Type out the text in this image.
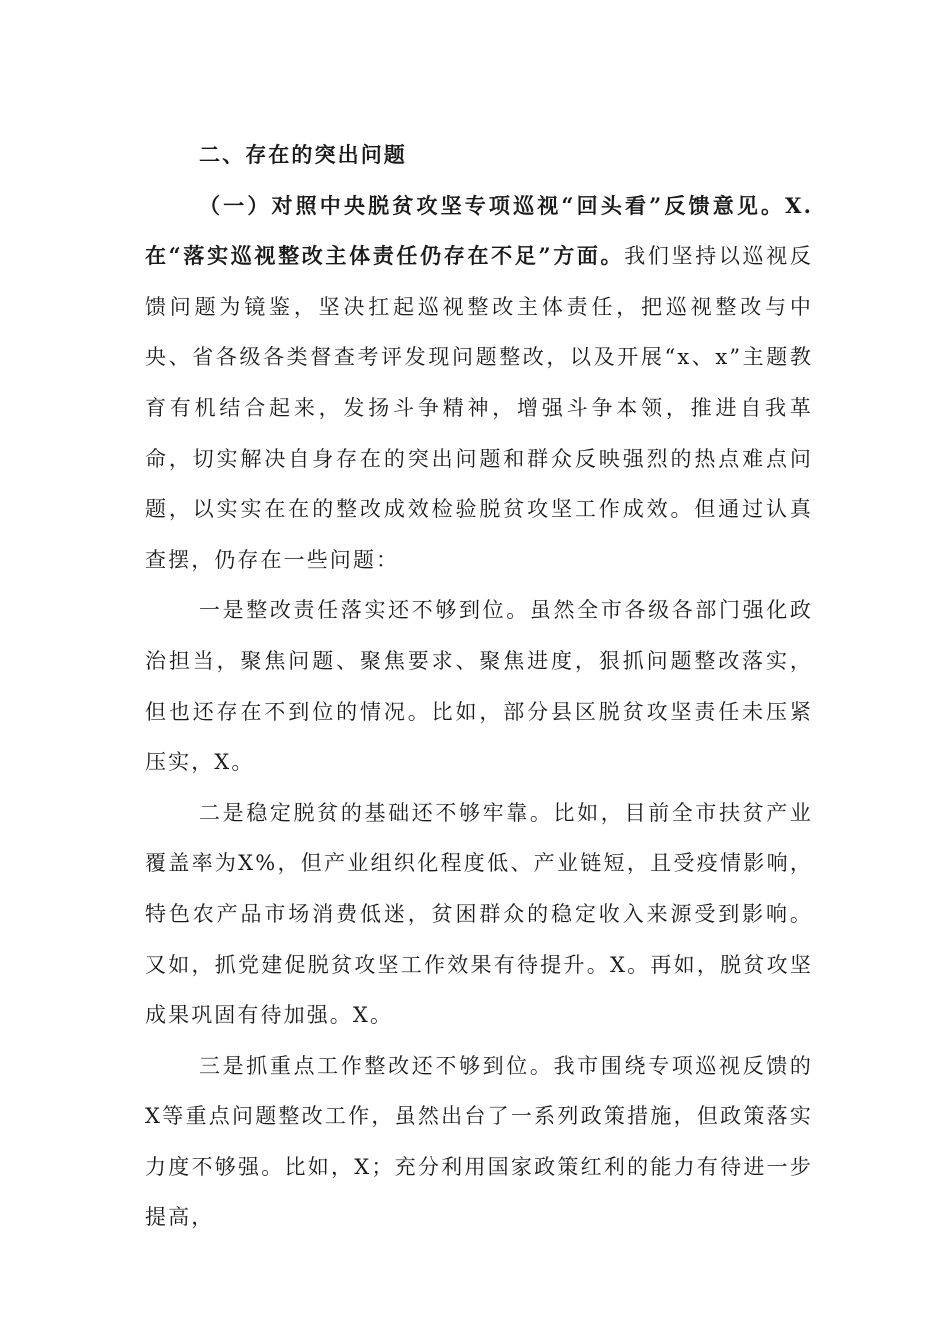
二、存在的突出问题

（一）对照中央脱贫攻坚专项巡视“回头看”反馈意见。X.在“落实巡视整改主体责任仍存在不足”方面。我们坚持以巡视反馈问题为镜鉴，坚决扛起巡视整改主体责任，把巡视整改与中央、省各级各类督查考评发现问题整改，以及开展“x、x”主题教育有机结合起来，发扬斗争精神，增强斗争本领，推进自我革命，切实解决自身存在的突出问题和群众反映强烈的热点难点问题，以实实在在的整改成效检验脱贫攻坚工作成效。但通过认真查摆，仍存在一些问题：

一是整改责任落实还不够到位。虽然全市各级各部门强化政治担当，聚焦问题、聚焦要求、聚焦进度，狠抓问题整改落实，但也还存在不到位的情况。比如，部分县区脱贫攻坚责任未压紧压实，X。

二是稳定脱贫的基础还不够牢靠。比如，目前全市扶贫产业覆盖率为X%，但产业组织化程度低、产业链短，且受疫情影响，特色农产品市场消费低迷，贫困群众的稳定收入来源受到影响。又如，抓党建促脱贫攻坚工作效果有待提升。X。再如，脱贫攻坚成果巩固有待加强。X。

三是抓重点工作整改还不够到位。我市围绕专项巡视反馈的X等重点问题整改工作，虽然出台了一系列政策措施，但政策落实力度不够强。比如，X；充分利用国家政策红利的能力有待进一步提高，
